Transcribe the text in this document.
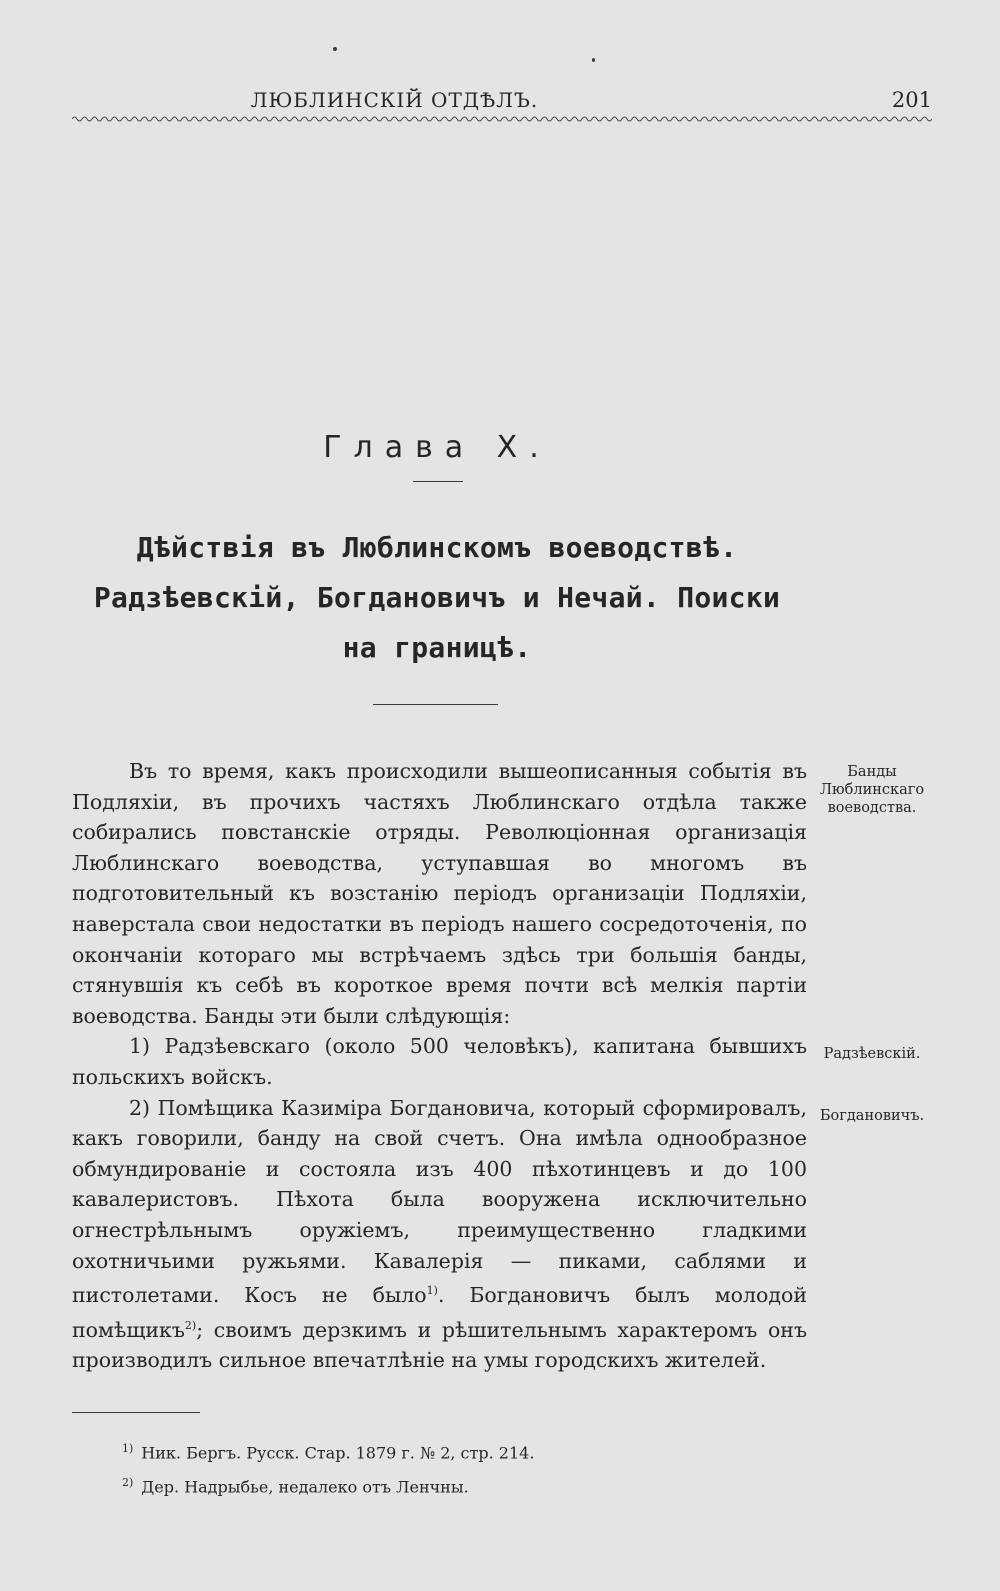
ЛЮБЛИНСКІЙ ОТДѢЛЪ.	201
Глава X.
Дѣйствія въ Люблинскомъ воеводствѣ.
Радзѣевскій, Богдановичъ и Нечай. Поиски
на границѣ.

Въ то время, какъ происходили вышеописанныя событія въ Подляхіи, въ прочихъ частяхъ Люблинскаго отдѣла также собирались повстанскіе отряды. Революціонная организація Люблинскаго воеводства, уступавшая во многомъ въ подготовительный къ возстанію періодъ организаціи Подляхіи, наверстала свои недостатки въ періодъ нашего сосредоточенія, по окончаніи котораго мы встрѣчаемъ здѣсь три большія банды, стянувшія къ себѣ въ короткое время почти всѣ мелкія партіи воеводства. Банды эти были слѣдующія:

1) Радзѣевскаго (около 500 человѣкъ), капитана бывшихъ польскихъ войскъ.

2) Помѣщика Казиміра Богдановича, который сформировалъ, какъ говорили, банду на свой счетъ. Она имѣла однообразное обмундированіе и состояла изъ 400 пѣхотинцевъ и до 100 кавалеристовъ. Пѣхота была вооружена исключительно огнестрѣльнымъ оружіемъ, преимущественно гладкими охотничьими ружьями. Кавалерія — пиками, саблями и пистолетами. Косъ не было$^{1)}$. Богдановичъ былъ молодой помѣщикъ$^{2)}$; своимъ дерзкимъ и рѣшительнымъ характеромъ онъ производилъ сильное впечатлѣніе на умы городскихъ жителей.

Банды Люблинскаго воеводства.
Радзѣевскій.
Богдановичъ.
$^{1)}$ Ник. Бергъ. Русск. Стар. 1879 г. № 2, стр. 214.
$^{2)}$ Дер. Надрыбье, недалеко отъ Ленчны.
